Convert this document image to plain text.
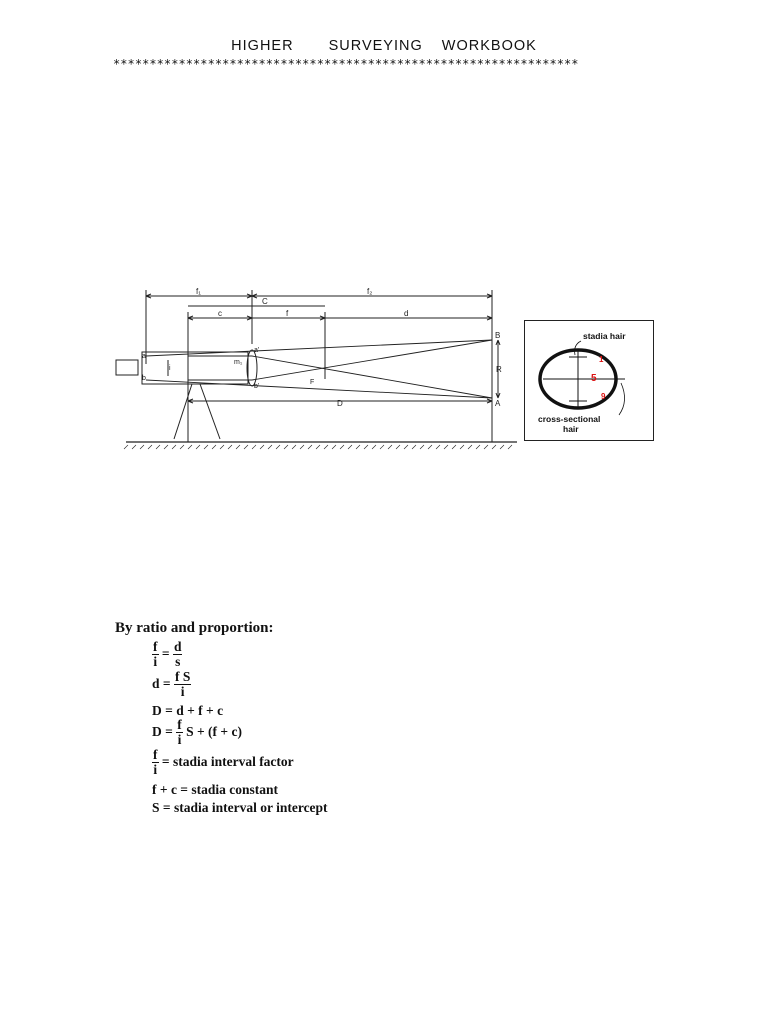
HIGHER SURVEYING WORKBOOK
****************************************************************
f₁	f₂
c
C
f	d
a
b
i
m₁
a'
b'
F
B
A
R
D
stadia hair
1
5
9
cross-sectional
hair
By ratio and proportion:
$\frac{f}{i} = \frac{d}{s}$
$d = \frac{\text{f S}}{i}$
D = d + f + c
$D = \frac{f}{i}$ S + (f + c)
$\frac{f}{i}$ = stadia interval factor
f + c = stadia constant
S = stadia interval or intercept
